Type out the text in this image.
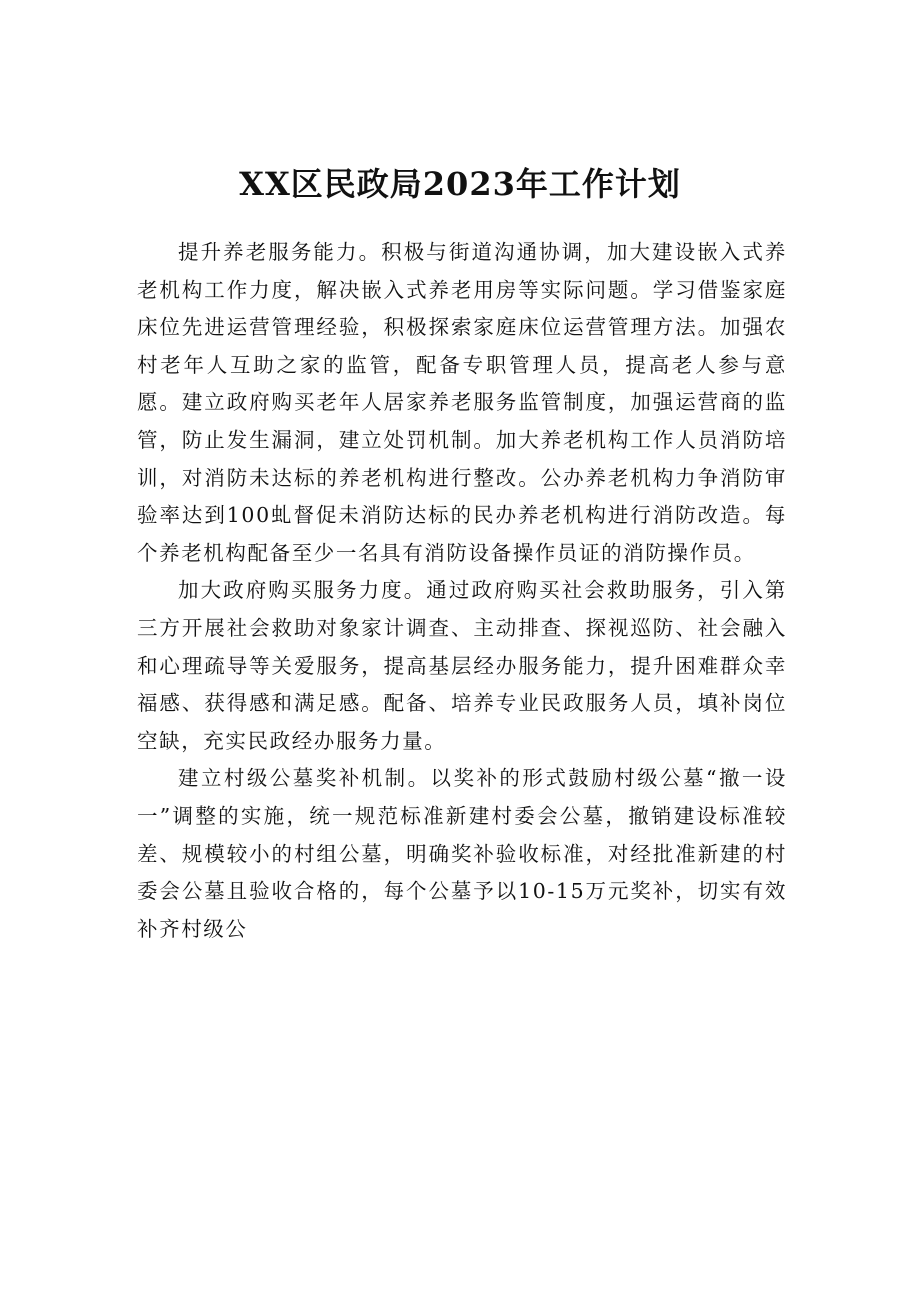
XX区民政局2023年工作计划

提升养老服务能力。积极与街道沟通协调，加大建设嵌入式养老机构工作力度，解决嵌入式养老用房等实际问题。学习借鉴家庭床位先进运营管理经验，积极探索家庭床位运营管理方法。加强农村老年人互助之家的监管，配备专职管理人员，提高老人参与意愿。建立政府购买老年人居家养老服务监管制度，加强运营商的监管，防止发生漏洞，建立处罚机制。加大养老机构工作人员消防培训，对消防未达标的养老机构进行整改。公办养老机构力争消防审验率达到100虬督促未消防达标的民办养老机构进行消防改造。每个养老机构配备至少一名具有消防设备操作员证的消防操作员。

加大政府购买服务力度。通过政府购买社会救助服务，引入第三方开展社会救助对象家计调查、主动排查、探视巡防、社会融入和心理疏导等关爱服务，提高基层经办服务能力，提升困难群众幸福感、获得感和满足感。配备、培养专业民政服务人员，填补岗位空缺，充实民政经办服务力量。

建立村级公墓奖补机制。以奖补的形式鼓励村级公墓“撤一设一”调整的实施，统一规范标准新建村委会公墓，撤销建设标准较差、规模较小的村组公墓，明确奖补验收标准，对经批准新建的村委会公墓且验收合格的，每个公墓予以10-15万元奖补，切实有效补齐村级公
